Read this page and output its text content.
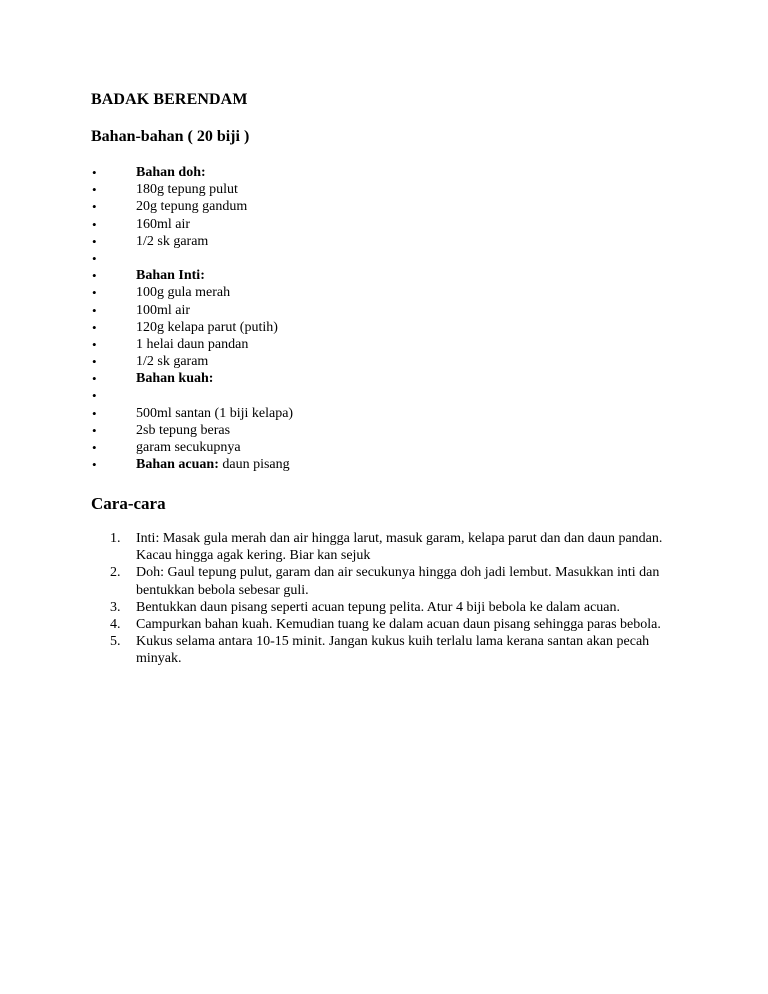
BADAK BERENDAM
Bahan-bahan ( 20 biji )
•	Bahan doh:
•	180g tepung pulut
•	20g tepung gandum
•	160ml air
•	1/2 sk garam
•
•	Bahan Inti:
•	100g gula merah
•	100ml air
•	120g kelapa parut (putih)
•	1 helai daun pandan
•	1/2 sk garam
•	Bahan kuah:
•
•	500ml santan (1 biji kelapa)
•	2sb tepung beras
•	garam secukupnya
•	Bahan acuan: daun pisang
Cara-cara
1. Inti: Masak gula merah dan air hingga larut, masuk garam, kelapa parut dan dan daun pandan. Kacau hingga agak kering. Biar kan sejuk
2. Doh: Gaul tepung pulut, garam dan air secukunya hingga doh jadi lembut. Masukkan inti dan bentukkan bebola sebesar guli.
3. Bentukkan daun pisang seperti acuan tepung pelita. Atur 4 biji bebola ke dalam acuan.
4. Campurkan bahan kuah. Kemudian tuang ke dalam acuan daun pisang sehingga paras bebola.
5. Kukus selama antara 10-15 minit. Jangan kukus kuih terlalu lama kerana santan akan pecah minyak.
